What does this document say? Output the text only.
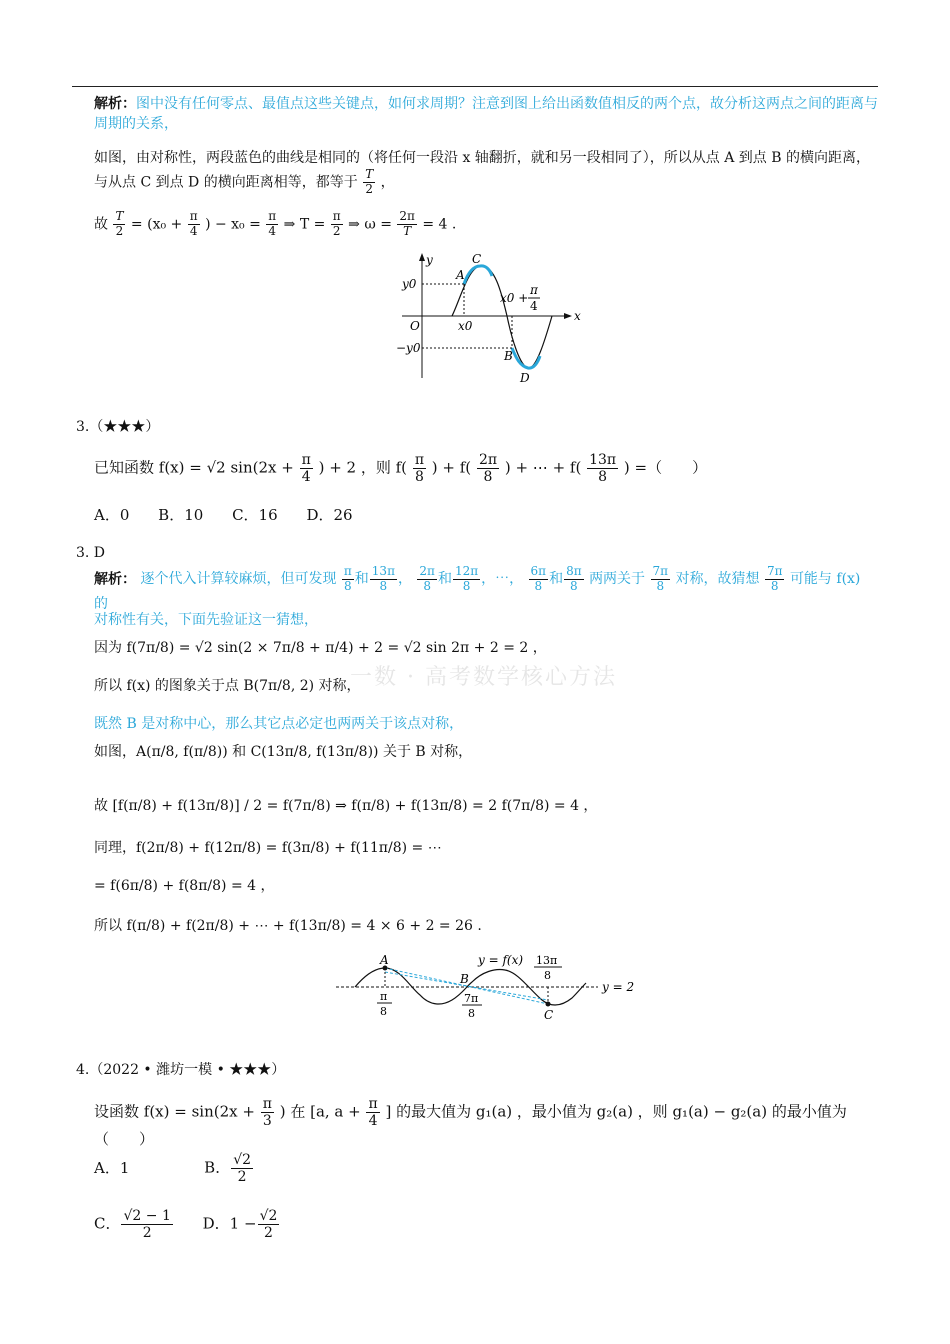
一数 · 高考数学核心方法
解析：图中没有任何零点、最值点这些关键点，如何求周期？注意到图上给出函数值相反的两个点，故分析这两点之间的距离与周期的关系，
如图，由对称性，两段蓝色的曲线是相同的（将任何一段沿 x 轴翻折，就和另一段相同了），所以从点 A 到点 B 的横向距离，
与从点 C 到点 D 的横向距离相等，都等于 $\frac{T}{2}$ ，
故 $\frac{T}{2} = (x_0 + \frac{\pi}{4}$ ) − $x_0 = \frac{\pi}{4}$ ⇒ $T = \frac{\pi}{2}$ ⇒ $\omega = \frac{2\pi}{T} = 4$ .
y
x
O
y0
−y0
x0
x0 +
π
4
A
C
B
D
3.（★★★）
已知函数 f(x) = √2 $\sin(2x + \frac{\pi}{4}$ ) + 2 ，则 $f( \frac{\pi}{8}$ ) + $f( \frac{2\pi}{8}$ ) + ⋯ + $f( \frac{13\pi}{8}$ ) =（　　）
A．0 B．10 C．16 D．26
3. D
解析： 逐个代入计算较麻烦，但可发现 $\frac{\pi}{8}$ 和 $\frac{13\pi}{8}$ ， $\frac{2\pi}{8}$ 和 $\frac{12\pi}{8}$ ，⋯， $\frac{6\pi}{8}$ 和 $\frac{8\pi}{8}$ 两两关于 $\frac{7\pi}{8}$ 对称，故猜想 $\frac{7\pi}{8}$ 可能与 f(x) 的
对称性有关，下面先验证这一猜想，
因为 f(7π/8) = √2 sin(2 × 7π/8 + π/4) + 2 = √2 sin 2π + 2 = 2 ，
所以 f(x) 的图象关于点 B(7π/8, 2) 对称，
既然 B 是对称中心，那么其它点必定也两两关于该点对称，
如图，A(π/8, f(π/8)) 和 C(13π/8, f(13π/8)) 关于 B 对称，
故 [f(π/8) + f(13π/8)] / 2 = f(7π/8) ⇒ f(π/8) + f(13π/8) = 2 f(7π/8) = 4 ，
同理，f(2π/8) + f(12π/8) = f(3π/8) + f(11π/8) = ⋯
= f(6π/8) + f(8π/8) = 4 ，
所以 f(π/8) + f(2π/8) + ⋯ + f(13π/8) = 4 × 6 + 2 = 26 .
A
B
C
y = f(x)
y = 2
π
8
7π
8
13π
8
4.（2022 • 潍坊一模 • ★★★）
设函数 $f(x) = \sin(2x + \frac{\pi}{3}$ ) 在 [a, $a + \frac{\pi}{4}$ ] 的最大值为 g₁(a) ，最小值为 g₂(a) ，则 g₁(a) − g₂(a) 的最小值为（　　）
A．1	B． $\frac{√2}{2}$
C． $\frac{√2 - 1}{2}$ D．$1 - \frac{√2}{2}$
